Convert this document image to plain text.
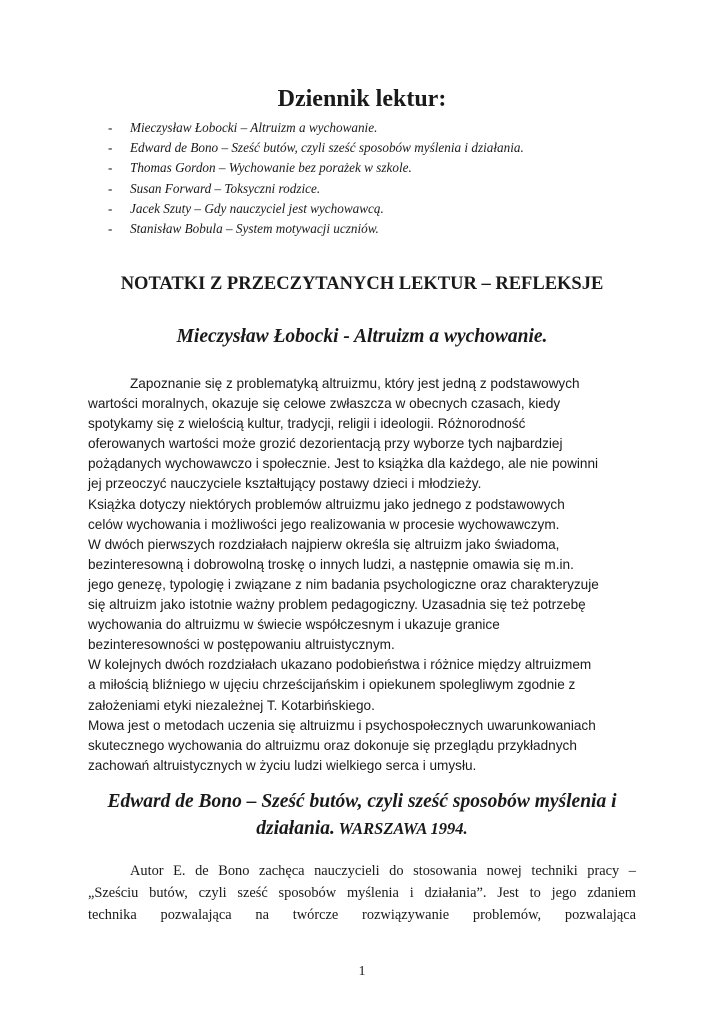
Dziennik lektur:
- Mieczysław Łobocki – Altruizm a wychowanie.
- Edward de Bono – Sześć butów, czyli sześć sposobów myślenia i działania.
- Thomas Gordon – Wychowanie bez porażek w szkole.
- Susan Forward – Toksyczni rodzice.
- Jacek Szuty – Gdy nauczyciel jest wychowawcą.
- Stanisław Bobula – System motywacji uczniów.
NOTATKI Z PRZECZYTANYCH LEKTUR – REFLEKSJE
Mieczysław Łobocki - Altruizm a wychowanie.

Zapoznanie się z problematyką altruizmu, który jest jedną z podstawowych

wartości moralnych, okazuje się celowe zwłaszcza w obecnych czasach, kiedy

spotykamy się z wielością kultur, tradycji, religii i ideologii. Różnorodność

oferowanych wartości może grozić dezorientacją przy wyborze tych najbardziej

pożądanych wychowawczo i społecznie. Jest to książka dla każdego, ale nie powinni

jej przeoczyć nauczyciele kształtujący postawy dzieci i młodzieży.

Książka dotyczy niektórych problemów altruizmu jako jednego z podstawowych

celów wychowania i możliwości jego realizowania w procesie wychowawczym.

W dwóch pierwszych rozdziałach najpierw określa się altruizm jako świadoma,

bezinteresowną i dobrowolną troskę o innych ludzi, a następnie omawia się m.in.

jego genezę, typologię i związane z nim badania psychologiczne oraz charakteryzuje

się altruizm jako istotnie ważny problem pedagogiczny. Uzasadnia się też potrzebę

wychowania do altruizmu w świecie współczesnym i ukazuje granice

bezinteresowności w postępowaniu altruistycznym.

W kolejnych dwóch rozdziałach ukazano podobieństwa i różnice między altruizmem

a miłością bliźniego w ujęciu chrześcijańskim i opiekunem spolegliwym zgodnie z

założeniami etyki niezależnej T. Kotarbińskiego.

Mowa jest o metodach uczenia się altruizmu i psychospołecznych uwarunkowaniach

skutecznego wychowania do altruizmu oraz dokonuje się przeglądu przykładnych

zachowań altruistycznych w życiu ludzi wielkiego serca i umysłu.

Edward de Bono – Sześć butów, czyli sześć sposobów myślenia i
działania. WARSZAWA 1994.
Autor E. de Bono zachęca nauczycieli do stosowania nowej techniki pracy –
„Sześciu butów, czyli sześć sposobów myślenia i działania”. Jest to jego zdaniem
technika pozwalająca na twórcze rozwiązywanie problemów, pozwalająca
1
